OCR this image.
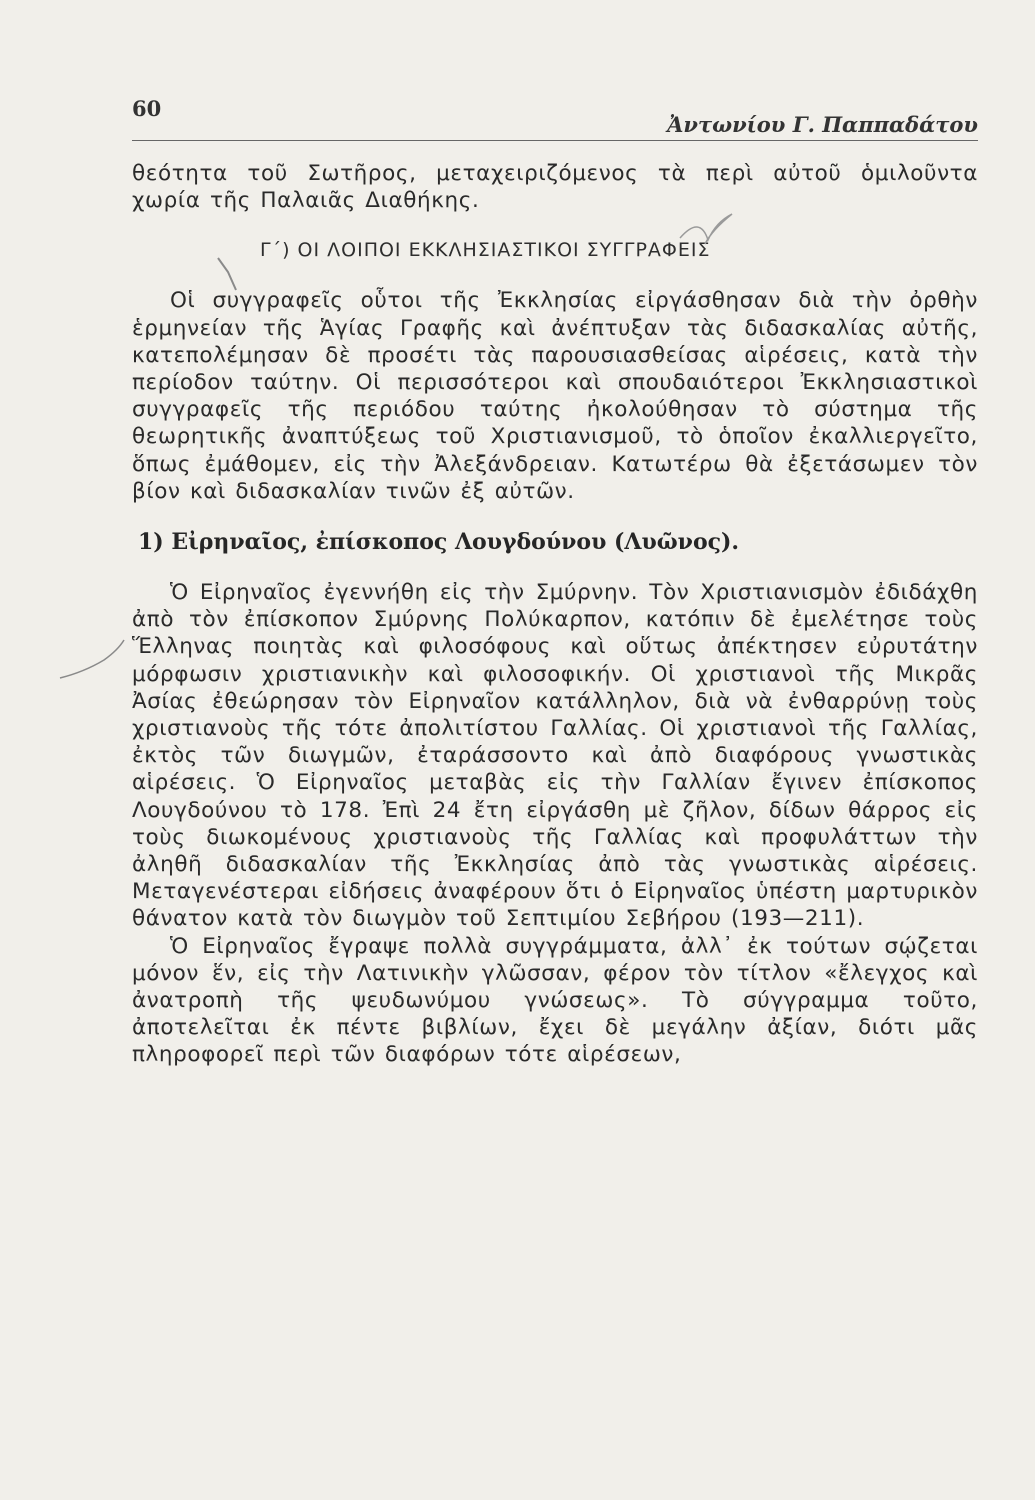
60
Ἀντωνίου Γ. Παππαδάτου

θεότητα τοῦ Σωτῆρος, μεταχειριζόμενος τὰ περὶ αὐτοῦ ὁμιλοῦντα χωρία τῆς Παλαιᾶς Διαθήκης.

Γ΄) ΟΙ ΛΟΙΠΟΙ ΕΚΚΛΗΣΙΑΣΤΙΚΟΙ ΣΥΓΓΡΑΦΕΙΣ

Οἱ συγγραφεῖς οὗτοι τῆς Ἐκκλησίας εἰργάσθησαν διὰ τὴν ὀρθὴν ἑρμηνείαν τῆς Ἁγίας Γραφῆς καὶ ἀνέπτυξαν τὰς διδασκαλίας αὐτῆς, κατεπολέμησαν δὲ προσέτι τὰς παρουσιασθείσας αἱρέσεις, κατὰ τὴν περίοδον ταύτην. Οἱ περισσότεροι καὶ σπουδαιότεροι Ἐκκλησιαστικοὶ συγγραφεῖς τῆς περιόδου ταύτης ἠκολούθησαν τὸ σύστημα τῆς θεωρητικῆς ἀναπτύξεως τοῦ Χριστιανισμοῦ, τὸ ὁποῖον ἐκαλλιεργεῖτο, ὅπως ἐμάθομεν, εἰς τὴν Ἀλεξάνδρειαν. Κατωτέρω θὰ ἐξετάσωμεν τὸν βίον καὶ διδασκαλίαν τινῶν ἐξ αὐτῶν.

1) Εἰρηναῖος, ἐπίσκοπος Λουγδούνου (Λυῶνος).

Ὁ Εἰρηναῖος ἐγεννήθη εἰς τὴν Σμύρνην. Τὸν Χριστιανισμὸν ἐδιδάχθη ἀπὸ τὸν ἐπίσκοπον Σμύρνης Πολύκαρπον, κατόπιν δὲ ἐμελέτησε τοὺς Ἕλληνας ποιητὰς καὶ φιλοσόφους καὶ οὕτως ἀπέκτησεν εὐρυτάτην μόρφωσιν χριστιανικὴν καὶ φιλοσοφικήν. Οἱ χριστιανοὶ τῆς Μικρᾶς Ἀσίας ἐθεώρησαν τὸν Εἰρηναῖον κατάλληλον, διὰ νὰ ἐνθαρρύνῃ τοὺς χριστιανοὺς τῆς τότε ἀπολιτίστου Γαλλίας. Οἱ χριστιανοὶ τῆς Γαλλίας, ἐκτὸς τῶν διωγμῶν, ἐταράσσοντο καὶ ἀπὸ διαφόρους γνωστικὰς αἱρέσεις. Ὁ Εἰρηναῖος μεταβὰς εἰς τὴν Γαλλίαν ἔγινεν ἐπίσκοπος Λουγδούνου τὸ 178. Ἐπὶ 24 ἔτη εἰργάσθη μὲ ζῆλον, δίδων θάρρος εἰς τοὺς διωκομένους χριστιανοὺς τῆς Γαλλίας καὶ προφυλάττων τὴν ἀληθῆ διδασκαλίαν τῆς Ἐκκλησίας ἀπὸ τὰς γνωστικὰς αἱρέσεις. Μεταγενέστεραι εἰδήσεις ἀναφέρουν ὅτι ὁ Εἰρηναῖος ὑπέστη μαρτυρικὸν θάνατον κατὰ τὸν διωγμὸν τοῦ Σεπτιμίου Σεβήρου (193—211).

Ὁ Εἰρηναῖος ἔγραψε πολλὰ συγγράμματα, ἀλλ᾽ ἐκ τούτων σῴζεται μόνον ἕν, εἰς τὴν Λατινικὴν γλῶσσαν, φέρον τὸν τίτλον «ἔλεγχος καὶ ἀνατροπὴ τῆς ψευδωνύμου γνώσεως». Τὸ σύγγραμμα τοῦτο, ἀποτελεῖται ἐκ πέντε βιβλίων, ἔχει δὲ μεγάλην ἀξίαν, διότι μᾶς πληροφορεῖ περὶ τῶν διαφόρων τότε αἱρέσεων,
